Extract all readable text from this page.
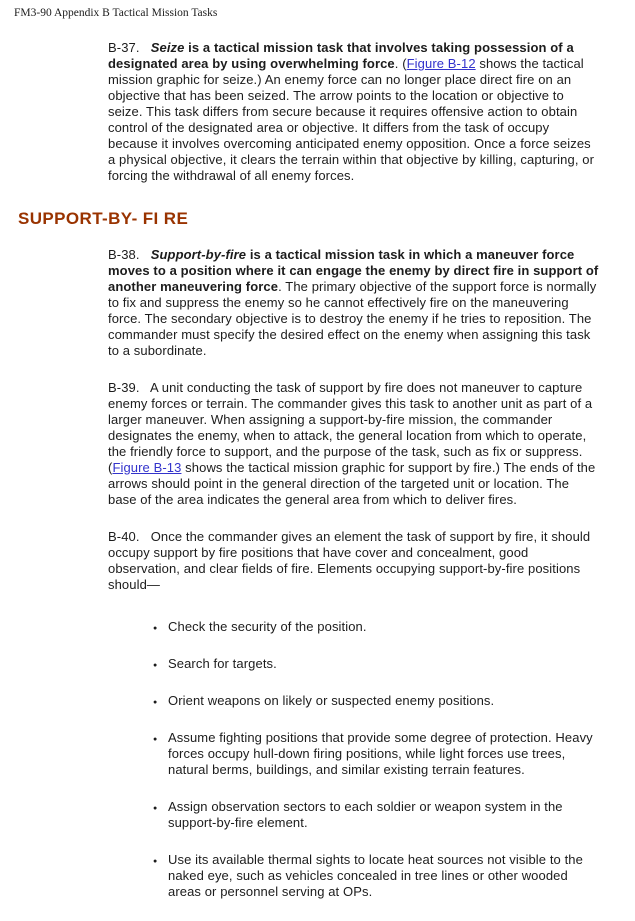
FM3-90 Appendix B Tactical Mission Tasks

B-37.   Seize is a tactical mission task that involves taking possession of a designated area by using overwhelming force. (Figure B-12 shows the tactical mission graphic for seize.) An enemy force can no longer place direct fire on an objective that has been seized. The arrow points to the location or objective to seize. This task differs from secure because it requires offensive action to obtain control of the designated area or objective. It differs from the task of occupy because it involves overcoming anticipated enemy opposition. Once a force seizes a physical objective, it clears the terrain within that objective by killing, capturing, or forcing the withdrawal of all enemy forces.

SUPPORT-BY- FI RE

B-38.   Support-by-fire is a tactical mission task in which a maneuver force moves to a position where it can engage the enemy by direct fire in support of another maneuvering force. The primary objective of the support force is normally to fix and suppress the enemy so he cannot effectively fire on the maneuvering force. The secondary objective is to destroy the enemy if he tries to reposition. The commander must specify the desired effect on the enemy when assigning this task to a subordinate.

B-39.   A unit conducting the task of support by fire does not maneuver to capture enemy forces or terrain. The commander gives this task to another unit as part of a larger maneuver. When assigning a support-by-fire mission, the commander designates the enemy, when to attack, the general location from which to operate, the friendly force to support, and the purpose of the task, such as fix or suppress. (Figure B-13 shows the tactical mission graphic for support by fire.) The ends of the arrows should point in the general direction of the targeted unit or location. The base of the area indicates the general area from which to deliver fires.

B-40.   Once the commander gives an element the task of support by fire, it should occupy support by fire positions that have cover and concealment, good observation, and clear fields of fire. Elements occupying support-by-fire positions should—

● Check the security of the position.
● Search for targets.
● Orient weapons on likely or suspected enemy positions.
● Assume fighting positions that provide some degree of protection. Heavy forces occupy hull-down firing positions, while light forces use trees, natural berms, buildings, and similar existing terrain features.
● Assign observation sectors to each soldier or weapon system in the support-by-fire element.
● Use its available thermal sights to locate heat sources not visible to the naked eye, such as vehicles concealed in tree lines or other wooded areas or personnel serving at OPs.
